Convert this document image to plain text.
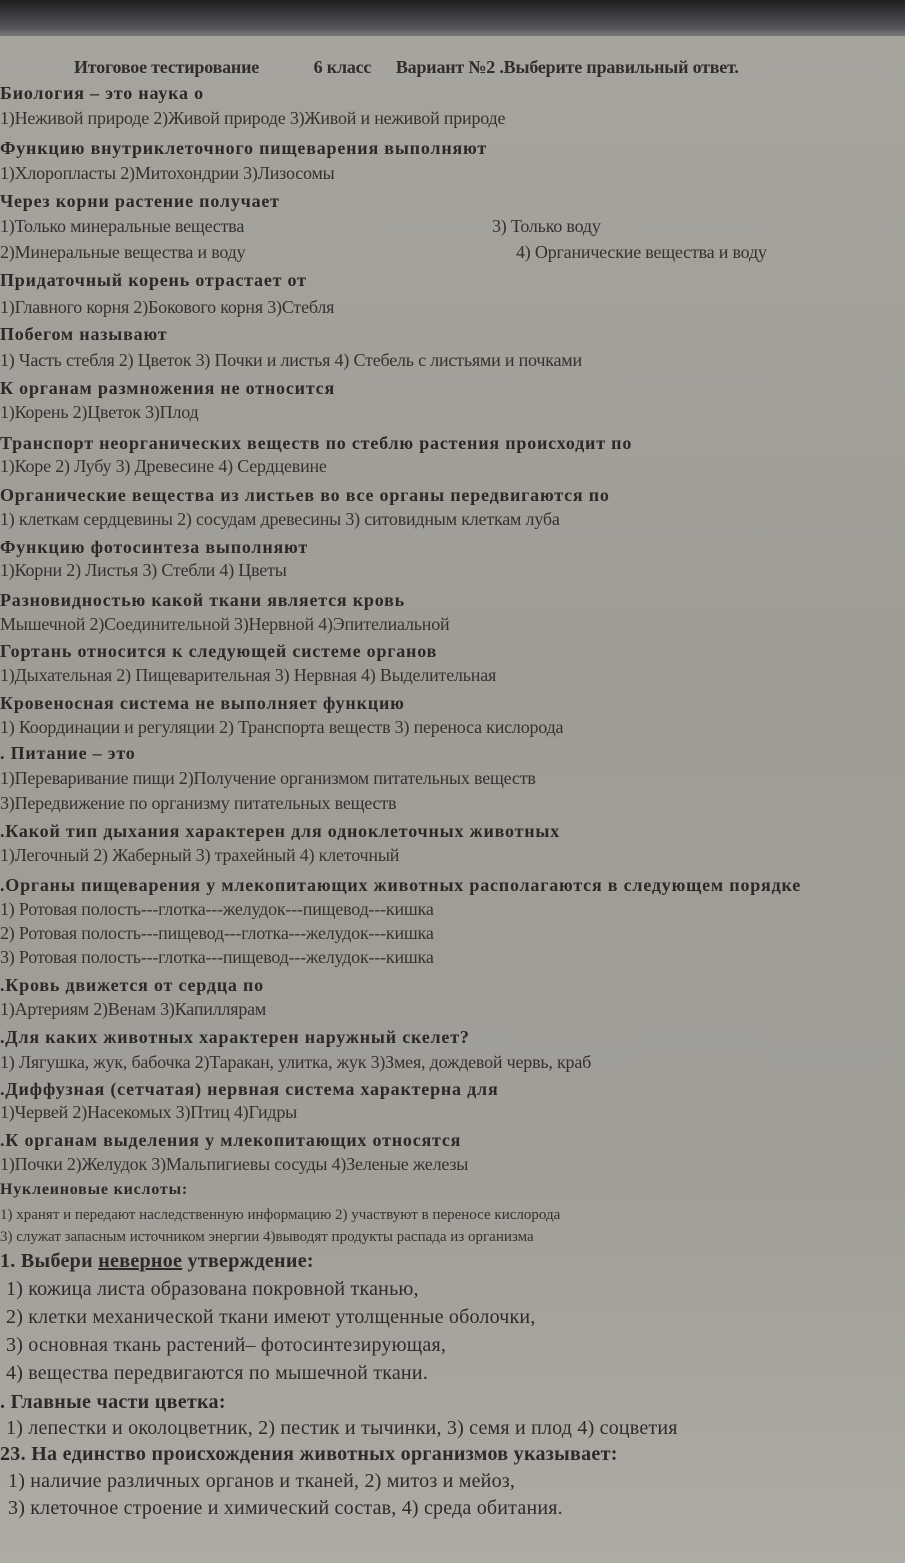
Итоговое тестирование	6 класс Вариант №2 .Выберите правильный ответ.
Биология – это наука о
1)Неживой природе 2)Живой природе 3)Живой и неживой природе
Функцию внутриклеточного пищеварения выполняют
1)Хлоропласты 2)Митохондрии 3)Лизосомы
Через корни растение получает
1)Только минеральные вещества	3) Только воду
2)Минеральные вещества и воду	4) Органические вещества и воду
Придаточный корень отрастает от
1)Главного корня 2)Бокового корня 3)Стебля
Побегом называют
1) Часть стебля 2) Цветок 3) Почки и листья 4) Стебель с листьями и почками
К органам размножения не относится
1)Корень 2)Цветок 3)Плод
Транспорт неорганических веществ по стеблю растения происходит по
1)Коре 2) Лубу 3) Древесине 4) Сердцевине
Органические вещества из листьев во все органы передвигаются по
1) клеткам сердцевины 2) сосудам древесины 3) ситовидным клеткам луба
Функцию фотосинтеза выполняют
1)Корни 2) Листья 3) Стебли 4) Цветы
Разновидностью какой ткани является кровь
Мышечной 2)Соединительной 3)Нервной 4)Эпителиальной
Гортань относится к следующей системе органов
1)Дыхательная 2) Пищеварительная 3) Нервная 4) Выделительная
Кровеносная система не выполняет функцию
1) Координации и регуляции 2) Транспорта веществ 3) переноса кислорода
. Питание – это
1)Переваривание пищи 2)Получение организмом питательных веществ
3)Передвижение по организму питательных веществ
.Какой тип дыхания характерен для одноклеточных животных
1)Легочный 2) Жаберный 3) трахейный 4) клеточный
.Органы пищеварения у млекопитающих животных располагаются в следующем порядке
1) Ротовая полость---глотка---желудок---пищевод---кишка
2) Ротовая полость---пищевод---глотка---желудок---кишка
3) Ротовая полость---глотка---пищевод---желудок---кишка
.Кровь движется от сердца по
1)Артериям 2)Венам 3)Капиллярам
.Для каких животных характерен наружный скелет?
1) Лягушка, жук, бабочка 2)Таракан, улитка, жук 3)Змея, дождевой червь, краб
.Диффузная (сетчатая) нервная система характерна для
1)Червей 2)Насекомых 3)Птиц 4)Гидры
.К органам выделения у млекопитающих относятся
1)Почки 2)Желудок 3)Мальпигиевы сосуды 4)Зеленые железы
Нуклеиновые кислоты:
1) хранят и передают наследственную информацию 2) участвуют в переносе кислорода
3) служат запасным источником энергии 4)выводят продукты распада из организма
1. Выбери неверное утверждение:
1) кожица листа образована покровной тканью,
2) клетки механической ткани имеют утолщенные оболочки,
3) основная ткань растений– фотосинтезирующая,
4) вещества передвигаются по мышечной ткани.
. Главные части цветка:
1) лепестки и околоцветник, 2) пестик и тычинки, 3) семя и плод 4) соцветия
23. На единство происхождения животных организмов указывает:
1) наличие различных органов и тканей, 2) митоз и мейоз,
3) клеточное строение и химический состав, 4) среда обитания.
